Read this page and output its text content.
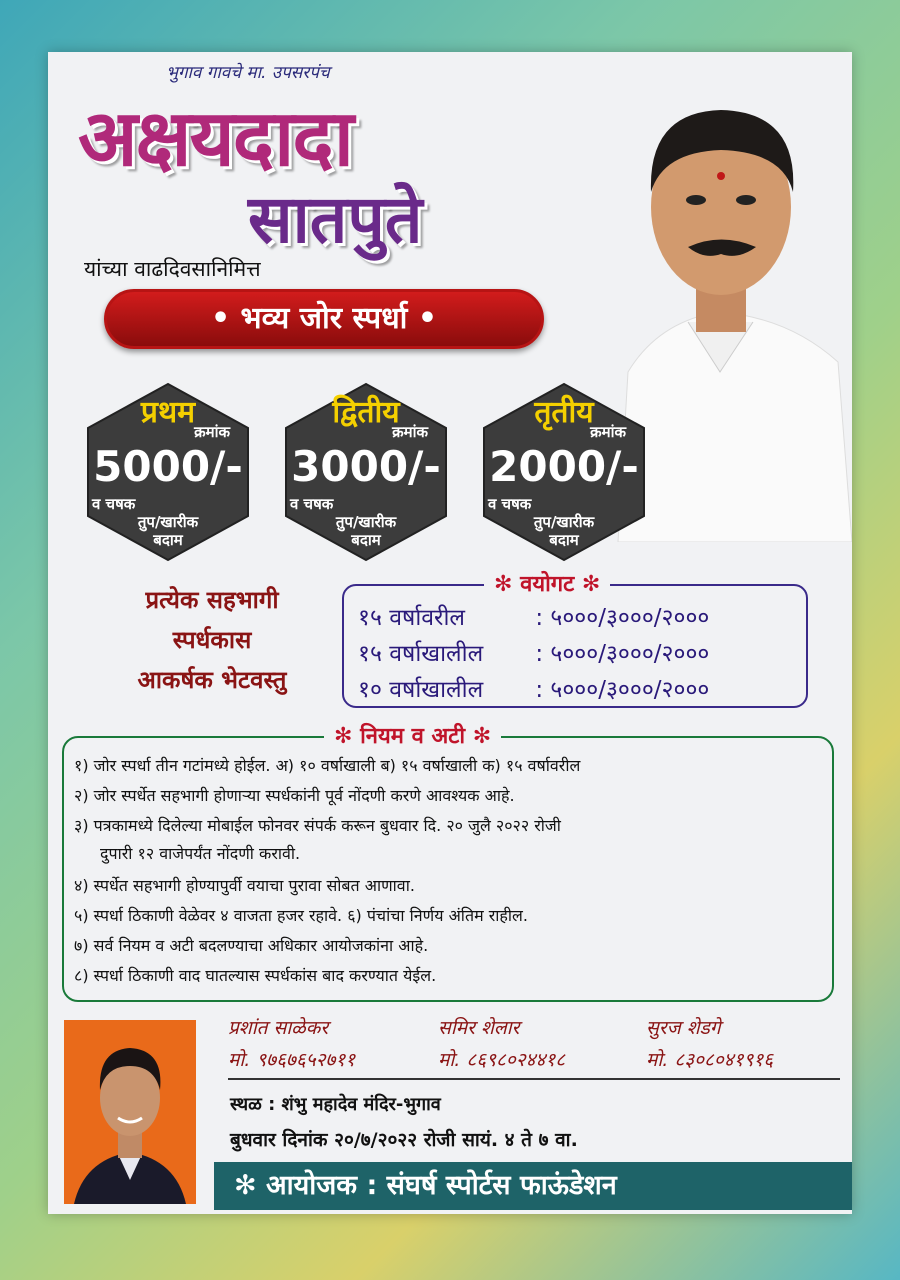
भुगाव गावचे मा. उपसरपंच
अक्षयदादा
सातपुते
यांच्या वाढदिवसानिमित्त
• भव्य जोर स्पर्धा •
प्रथम
क्रमांक
5000/-
व चषक
तुप/खारीक
बदाम
द्वितीय
क्रमांक
3000/-
व चषक
तुप/खारीक
बदाम
तृतीय
क्रमांक
2000/-
व चषक
तुप/खारीक
बदाम
प्रत्येक सहभागी
स्पर्धकास
आकर्षक भेटवस्तु
✻ वयोगट ✻
१५ वर्षावरील	: ५०००/३०००/२०००
१५ वर्षाखालील : ५०००/३०००/२०००
१० वर्षाखालील : ५०००/३०००/२०००
✻ नियम व अटी ✻
१) जोर स्पर्धा तीन गटांमध्ये होईल. अ) १० वर्षाखाली ब) १५ वर्षाखाली क) १५ वर्षावरील
२) जोर स्पर्धेत सहभागी होणाऱ्या स्पर्धकांनी पूर्व नोंदणी करणे आवश्यक आहे.
३) पत्रकामध्ये दिलेल्या मोबाईल फोनवर संपर्क करून बुधवार दि. २० जुलै २०२२ रोजी
दुपारी १२ वाजेपर्यंत नोंदणी करावी.
४) स्पर्धेत सहभागी होण्यापुर्वी वयाचा पुरावा सोबत आणावा.
५) स्पर्धा ठिकाणी वेळेवर ४ वाजता हजर रहावे. ६) पंचांचा निर्णय अंतिम राहील.
७) सर्व नियम व अटी बदलण्याचा अधिकार आयोजकांना आहे.
८) स्पर्धा ठिकाणी वाद घातल्यास स्पर्धकांस बाद करण्यात येईल.
प्रशांत साळेकर
मो. ९७६७६५२७११
समिर शेलार
मो. ८६९८०२४४१८
सुरज शेडगे
मो. ८३०८०४१९१६
स्थळ : शंभु महादेव मंदिर-भुगाव
बुधवार दिनांक २०/७/२०२२ रोजी सायं. ४ ते ७ वा.
✻ आयोजक : संघर्ष स्पोर्टस फाऊंडेशन
